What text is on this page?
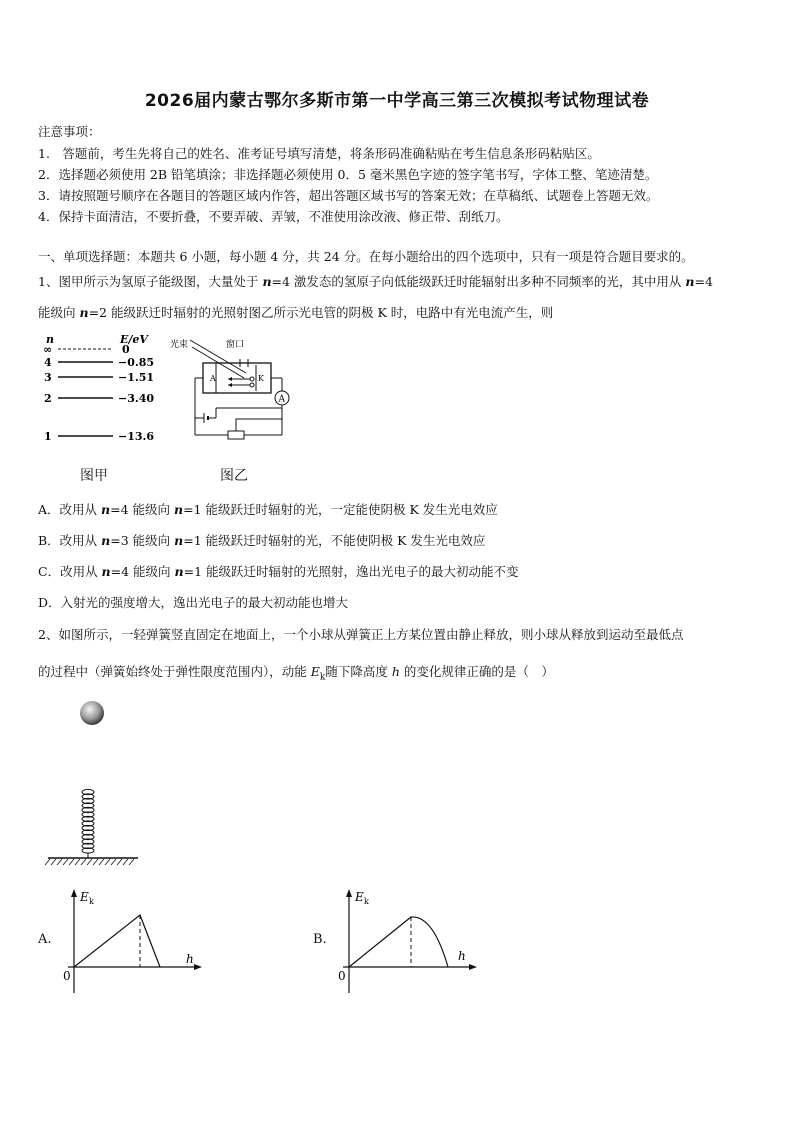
2026届内蒙古鄂尔多斯市第一中学高三第三次模拟考试物理试卷
注意事项：
1.　答题前，考生先将自己的姓名、准考证号填写清楚，将条形码准确粘贴在考生信息条形码粘贴区。
2．选择题必须使用 2B 铅笔填涂；非选择题必须使用 0．5 毫米黑色字迹的签字笔书写，字体工整、笔迹清楚。
3．请按照题号顺序在各题目的答题区域内作答，超出答题区域书写的答案无效；在草稿纸、试题卷上答题无效。
4．保持卡面清洁，不要折叠，不要弄破、弄皱，不准使用涂改液、修正带、刮纸刀。
一、单项选择题：本题共 6 小题，每小题 4 分，共 24 分。在每小题给出的四个选项中，只有一项是符合题目要求的。
1、图甲所示为氢原子能级图，大量处于 n=4 激发态的氢原子向低能级跃迁时能辐射出多种不同频率的光，其中用从 n=4
能级向 n=2 能级跃迁时辐射的光照射图乙所示光电管的阴极 K 时，电路中有光电流产生，则
n	E/eV
∞	0
4	−0.85
3	−1.51
2	−3.40
1	−13.6
图甲
光束	窗口
A	K
A
图乙
A．改用从 n=4 能级向 n=1 能级跃迁时辐射的光，一定能使阴极 K 发生光电效应
B．改用从 n=3 能级向 n=1 能级跃迁时辐射的光，不能使阴极 K 发生光电效应
C．改用从 n=4 能级向 n=1 能级跃迁时辐射的光照射，逸出光电子的最大初动能不变
D．入射光的强度增大，逸出光电子的最大初动能也增大
2、如图所示，一轻弹簧竖直固定在地面上，一个小球从弹簧正上方某位置由静止释放，则小球从释放到运动至最低点
的过程中（弹簧始终处于弹性限度范围内），动能 $E_k$随下降高度 h 的变化规律正确的是（　）
A.
E k
h
0
B.
E k
h
0
